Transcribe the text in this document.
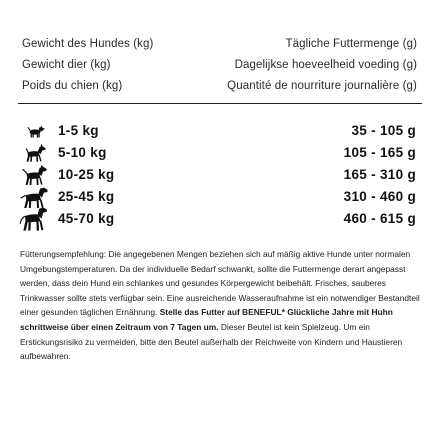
Gewicht des Hundes (kg)	Tägliche Futtermenge (g)
Gewicht dier (kg)	Dagelijkse hoeveelheid voeding (g)
Poids du chien (kg)	Quantité de nourriture journalière (g)
1-5 kg	35 - 105 g
5-10 kg	105 - 165 g
10-25 kg	165 - 310 g
25-45 kg	310 - 460 g
45-70 kg	460 - 615 g
Fütterungsempfehlung: Die angegebenen Mengen beziehen sich auf mäßig aktive Hunde unter normalen Umgebungstemperaturen. Da der individuelle Bedarf schwankt, sollte die Futtermenge derart angepasst werden, dass dein Hund ein schlankes und gesundes Körpergewicht beibehält. Frisches, sauberes Trinkwasser sollte stets verfügbar sein. Eine ausreichende Wasseraufnahme ist ein notwendiger Bestandteil einer gesunden täglichen Ernährung. Stelle das Futter auf BENEFUL* Glückliche Jahre mit Huhn schrittweise über einen Zeitraum von 7 Tagen um. Dieser Beutel ist kein Spielzeug. Um ein Erstickungsrisiko zu vermeiden, bitte den Beutel außerhalb der Reichweite von Kindern und Haustieren aufbewahren.
